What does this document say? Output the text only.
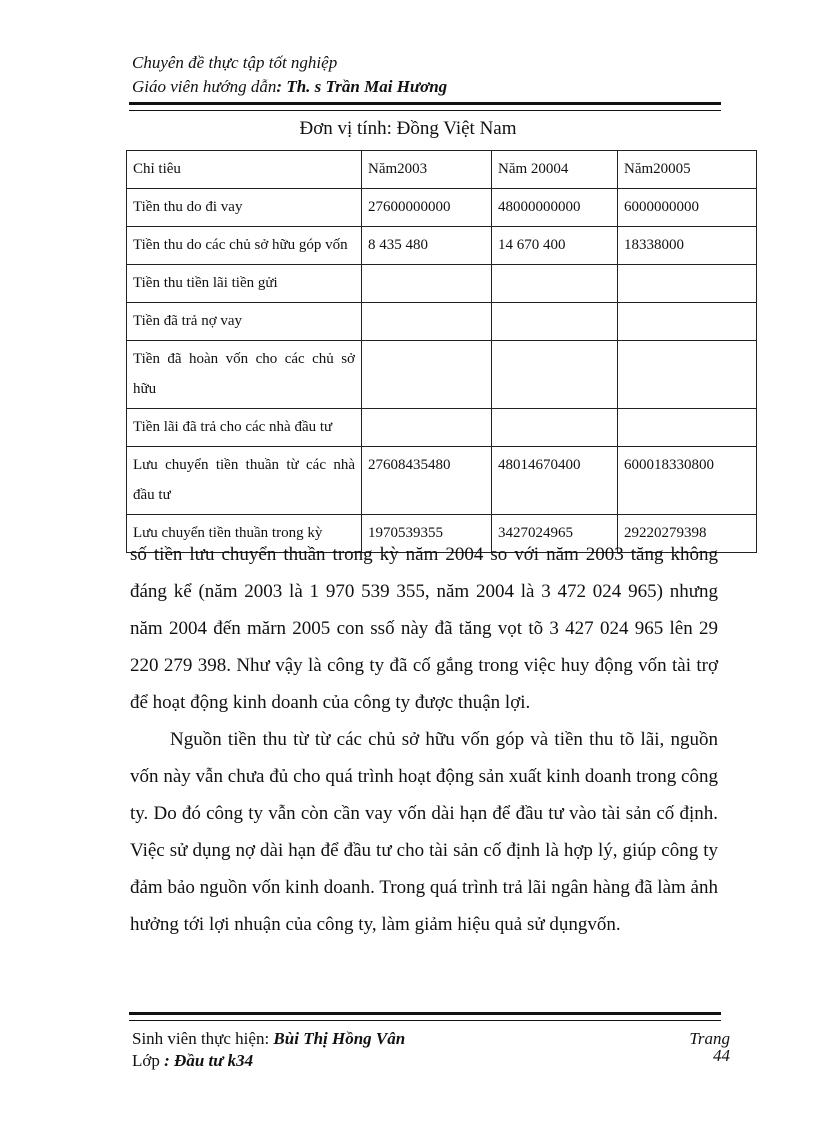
Chuyên đề thực tập tốt nghiệp
Giáo viên hướng dẫn: Th. s Trần Mai Hương
Đơn vị tính: Đồng Việt Nam
Chỉ tiêu	Năm2003	Năm 20004	Năm20005
Tiền thu do đi vay	27600000000	48000000000	6000000000
Tiền thu do các chủ sở hữu góp vốn	8 435 480	14 670 400	18338000
Tiền thu tiền lãi tiền gửi			
Tiền đã trả nợ vay			
Tiền đã hoàn vốn cho các chủ sở hữu			
Tiền lãi đã trả cho các nhà đầu tư			
Lưu chuyển tiền thuần từ các nhà đầu tư	27608435480	48014670400	600018330800
Lưu chuyển tiền thuần trong kỳ	1970539355	3427024965	29220279398
số tiền lưu chuyển thuần trong kỳ năm 2004 so với năm 2003 tăng không đáng kể (năm 2003 là 1 970 539 355, năm 2004 là 3 472 024 965) nhưng năm 2004 đến mărn 2005 con ssố này đã tăng vọt tõ 3 427 024 965 lên 29 220 279 398. Như vậy là công ty đã cố gắng trong việc huy động vốn tài trợ để hoạt động kinh doanh của công ty được thuận lợi.
Nguồn tiền thu từ từ các chủ sở hữu vốn góp và tiền thu tõ lãi, nguồn vốn này vẫn chưa đủ cho quá trình hoạt động sản xuất kinh doanh trong công ty. Do đó công ty vẫn còn cần vay vốn dài hạn để đầu tư vào tài sản cố định. Việc sử dụng nợ dài hạn để đầu tư cho tài sản cố định là hợp lý, giúp công ty đảm bảo nguồn vốn kinh doanh. Trong quá trình trả lãi ngân hàng đã làm ảnh hưởng tới lợi nhuận của công ty, làm giảm hiệu quả sử dụngvốn.
Sinh viên thực hiện: Bùi Thị Hồng Vân
Lớp : Đầu tư k34
Trang
44
